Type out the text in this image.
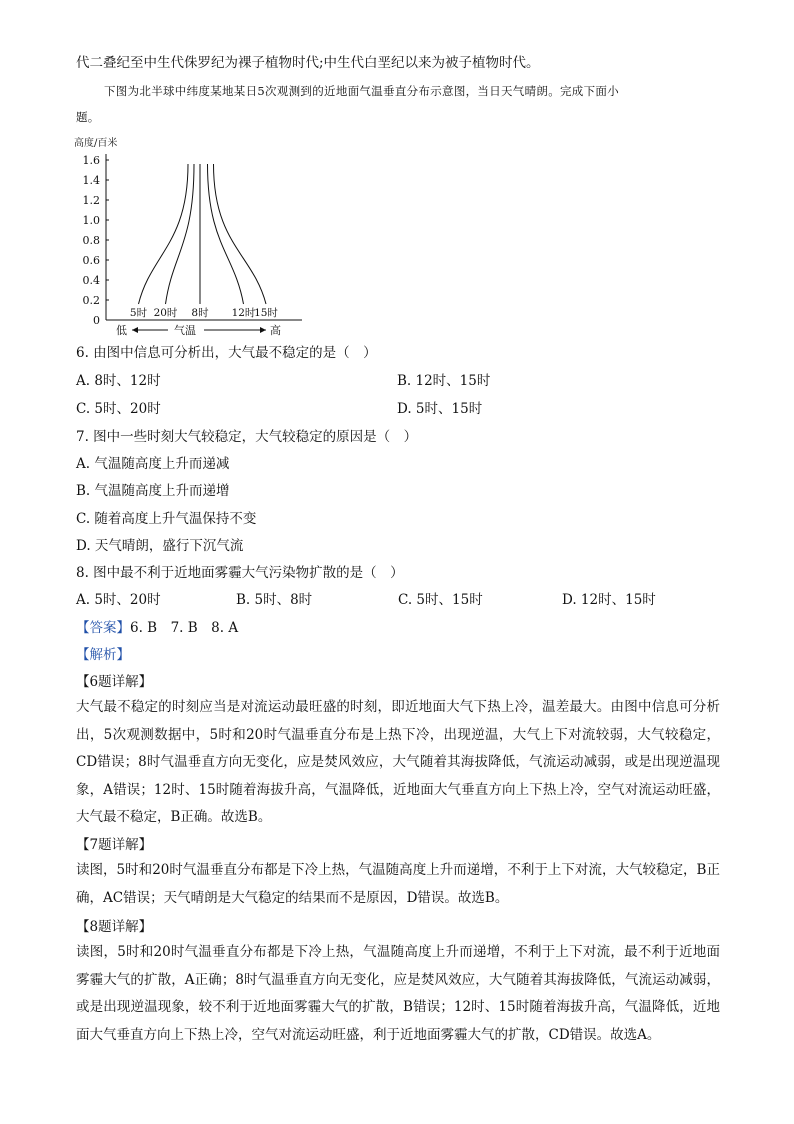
代二叠纪至中生代侏罗纪为裸子植物时代;中生代白垩纪以来为被子植物时代。
下图为北半球中纬度某地某日5次观测到的近地面气温垂直分布示意图，当日天气晴朗。完成下面小
题。
高度/百米
1.6
1.4
1.2
1.0
0.8
0.6
0.4
0.2
0
5时 20时 8时 12时
15时
低	气温	高
6. 由图中信息可分析出，大气最不稳定的是（　）
A. 8时、12时	B. 12时、15时
C. 5时、20时	D. 5时、15时
7. 图中一些时刻大气较稳定，大气较稳定的原因是（　）
A. 气温随高度上升而递减
B. 气温随高度上升而递增
C. 随着高度上升气温保持不变
D. 天气晴朗，盛行下沉气流
8. 图中最不利于近地面雾霾大气污染物扩散的是（　）
A. 5时、20时	B. 5时、8时	C. 5时、15时	D. 12时、15时
【答案】6. B　7. B　8. A
【解析】
【6题详解】
大气最不稳定的时刻应当是对流运动最旺盛的时刻，即近地面大气下热上冷，温差最大。由图中信息可分析出，5次观测数据中，5时和20时气温垂直分布是上热下冷，出现逆温，大气上下对流较弱，大气较稳定，CD错误；8时气温垂直方向无变化，应是焚风效应，大气随着其海拔降低，气流运动减弱，或是出现逆温现象，A错误；12时、15时随着海拔升高，气温降低，近地面大气垂直方向上下热上冷，空气对流运动旺盛，大气最不稳定，B正确。故选B。
【7题详解】
读图，5时和20时气温垂直分布都是下冷上热，气温随高度上升而递增，不利于上下对流，大气较稳定，B正确，AC错误；天气晴朗是大气稳定的结果而不是原因，D错误。故选B。
【8题详解】
读图，5时和20时气温垂直分布都是下冷上热，气温随高度上升而递增，不利于上下对流，最不利于近地面雾霾大气的扩散，A正确；8时气温垂直方向无变化，应是焚风效应，大气随着其海拔降低，气流运动减弱，或是出现逆温现象，较不利于近地面雾霾大气的扩散，B错误；12时、15时随着海拔升高，气温降低，近地面大气垂直方向上下热上冷，空气对流运动旺盛，利于近地面雾霾大气的扩散，CD错误。故选A。
